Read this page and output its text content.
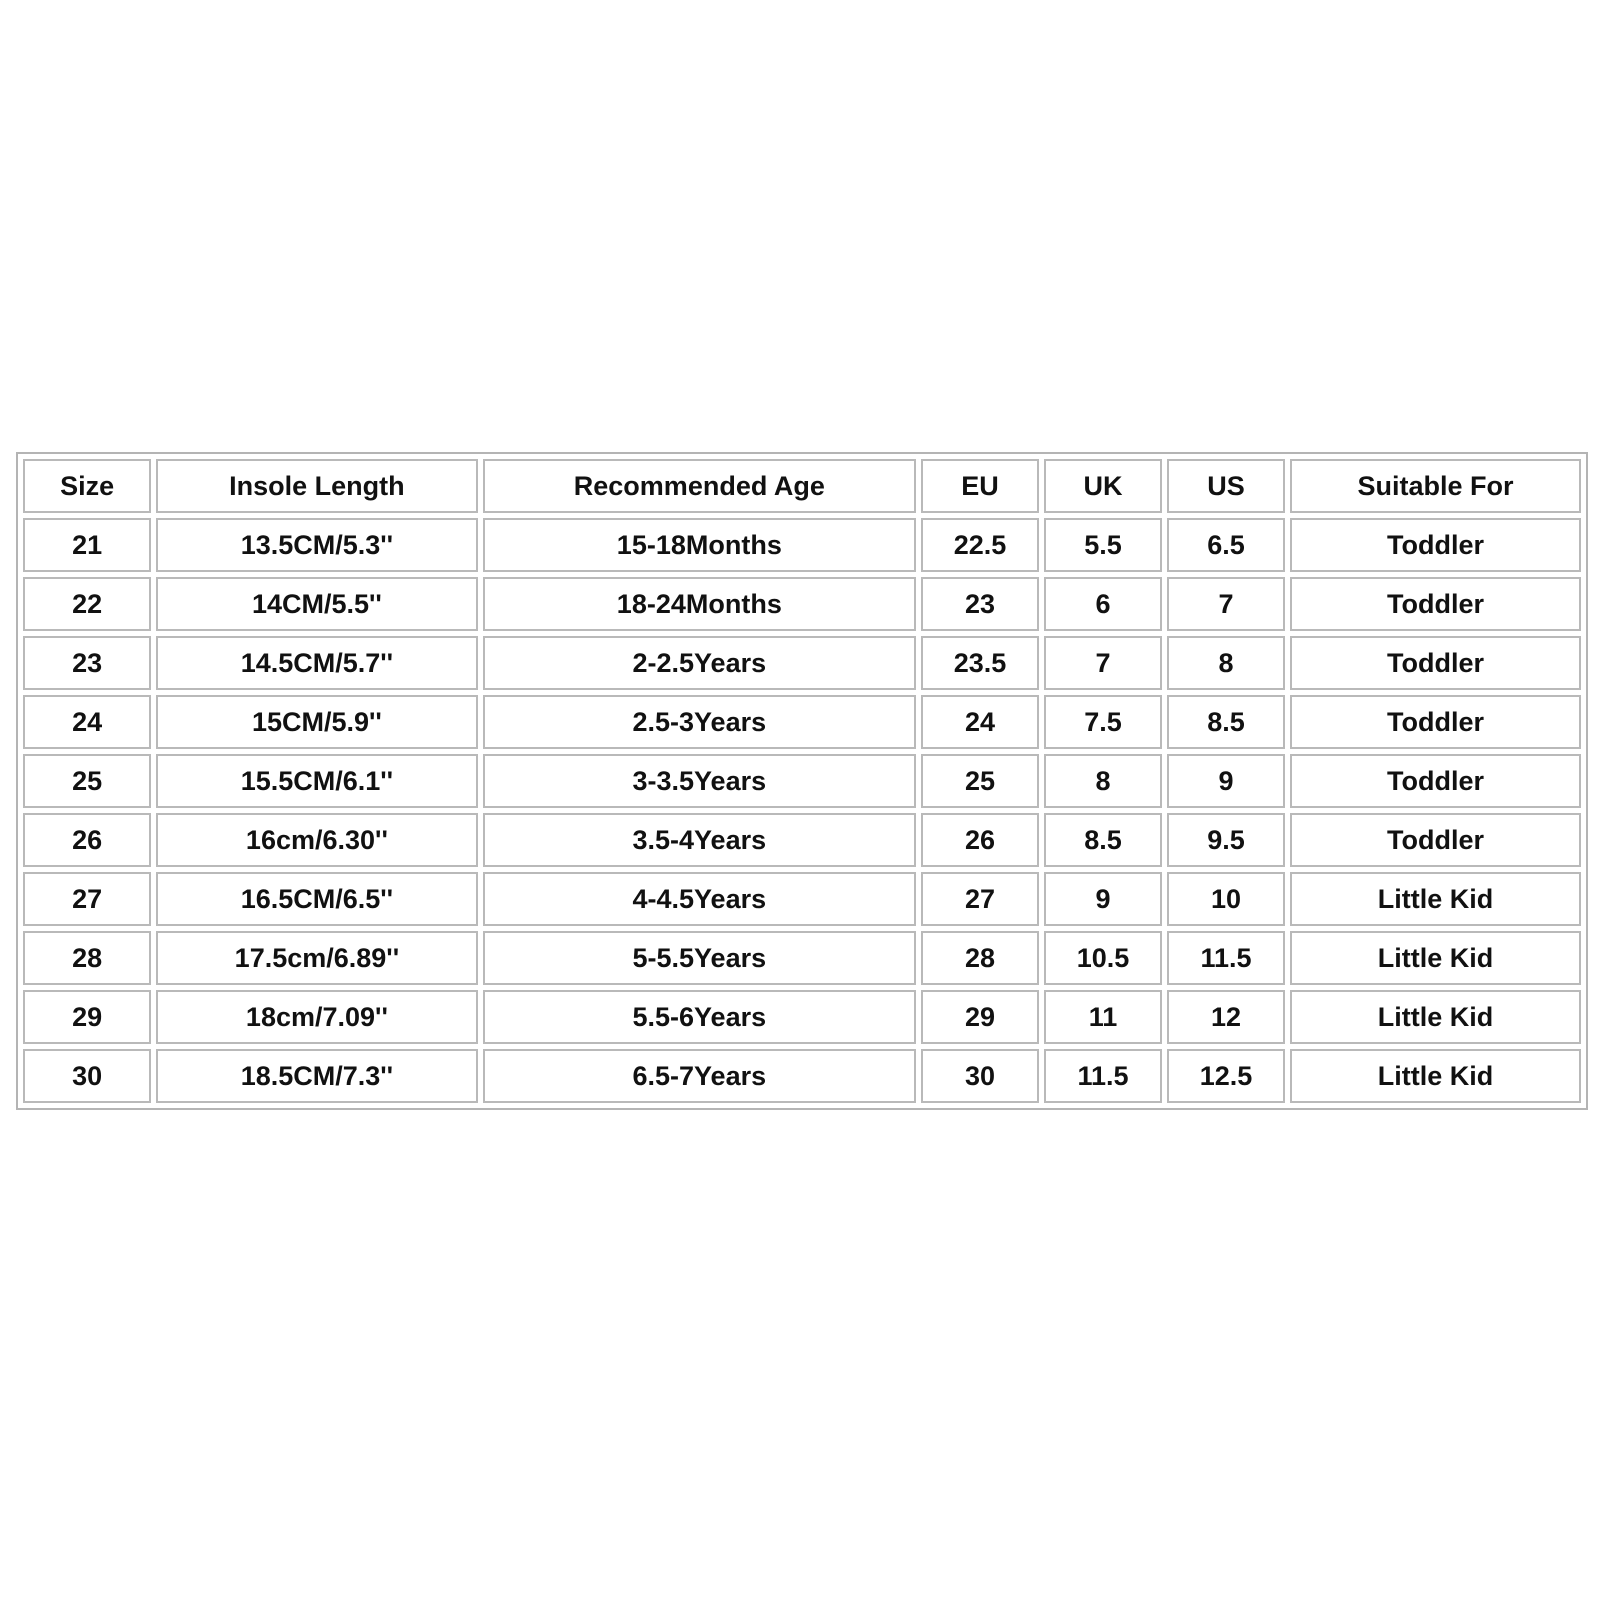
Size	Insole Length	Recommended Age	EU	UK	US	Suitable For
21	13.5CM/5.3''	15-18Months	22.5	5.5	6.5	Toddler
22	14CM/5.5''	18-24Months	23	6	7	Toddler
23	14.5CM/5.7''	2-2.5Years	23.5	7	8	Toddler
24	15CM/5.9''	2.5-3Years	24	7.5	8.5	Toddler
25	15.5CM/6.1''	3-3.5Years	25	8	9	Toddler
26	16cm/6.30''	3.5-4Years	26	8.5	9.5	Toddler
27	16.5CM/6.5''	4-4.5Years	27	9	10	Little Kid
28	17.5cm/6.89''	5-5.5Years	28	10.5	11.5	Little Kid
29	18cm/7.09''	5.5-6Years	29	11	12	Little Kid
30	18.5CM/7.3''	6.5-7Years	30	11.5	12.5	Little Kid
